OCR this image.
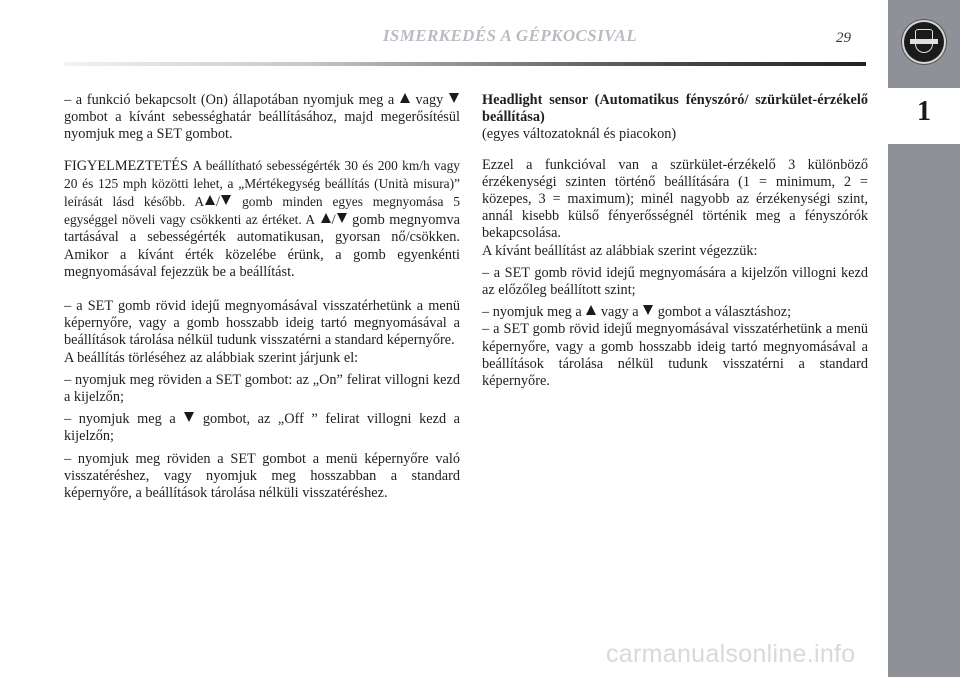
ISMERKEDÉS A GÉPKOCSIVAL	29
1

– a funkció bekapcsolt (On) állapotában nyomjuk meg a vagy  gombot a kívánt sebességhatár beállításához, majd megerősítésül nyomjuk meg a SET gombot.

FIGYELMEZTETÉS A beállítható sebességérték 30 és 200 km/h vagy 20 és 125 mph közötti lehet, a „Mértékegység beállítás (Unità misura)” leírását lásd később. A / gomb minden egyes megnyomása 5 egységgel növeli vagy csökkenti az értéket. A / gomb megnyomva tartásával a sebességérték automatikusan, gyorsan nő/csökken. Amikor a kívánt érték közelébe érünk, a gomb egyenkénti megnyomásával fejezzük be a beállítást.

– a SET gomb rövid idejű megnyomásával visszatérhetünk a menü képernyőre, vagy a gomb hosszabb ideig tartó megnyomásával a beállítások tárolása nélkül tudunk visszatérni a standard képernyőre.

A beállítás törléséhez az alábbiak szerint járjunk el:

– nyomjuk meg röviden a SET gombot: az „On” felirat villogni kezd a kijelzőn;

– nyomjuk meg a gombot, az „Off ” felirat villogni kezd a kijelzőn;

– nyomjuk meg röviden a SET gombot a menü képernyőre való visszatéréshez, vagy nyomjuk meg hosszabban a standard képernyőre, a beállítások tárolása nélküli visszatéréshez.

Headlight sensor (Automatikus fényszóró/ szürkület-érzékelő beállítása)

(egyes változatoknál és piacokon)

Ezzel a funkcióval van a szürkület-érzékelő 3 különböző érzékenységi szinten történő beállítására (1 = minimum, 2 = közepes, 3 = maximum); minél nagyobb az érzékenységi szint, annál kisebb külső fényerősségnél történik meg a fényszórók bekapcsolása.

A kívánt beállítást az alábbiak szerint végezzük:

– a SET gomb rövid idejű megnyomására a kijelzőn villogni kezd az előzőleg beállított szint;

– nyomjuk meg a vagy a gombot a választáshoz;

– a SET gomb rövid idejű megnyomásával visszatérhetünk a menü képernyőre, vagy a gomb hosszabb ideig tartó megnyomásával a beállítások tárolása nélkül tudunk visszatérni a standard képernyőre.

carmanualsonline.info
